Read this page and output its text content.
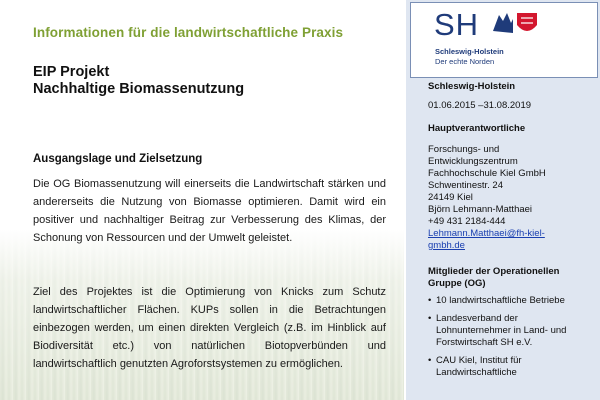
Informationen für die landwirtschaftliche Praxis
EIP Projekt
Nachhaltige Biomassenutzung
Ausgangslage und Zielsetzung
Die OG Biomassenutzung will einerseits die Landwirtschaft stärken und andererseits die Nutzung von Biomasse optimieren. Damit wird ein positiver und nachhaltiger Beitrag zur Verbesserung des Klimas, der Schonung von Ressourcen und der Umwelt geleistet.
Ziel des Projektes ist die Optimierung von Knicks zum Schutz landwirtschaftlicher Flächen. KUPs sollen in die Betrachtungen einbezogen werden, um einen direkten Vergleich (z.B. im Hinblick auf Biodiversität etc.) von natürlichen Biotopverbünden und landwirtschaftlich genutzten Agroforstsystemen zu ermöglichen.
SH
Schleswig-Holstein
Der echte Norden
Schleswig-Holstein
01.06.2015 –31.08.2019
Hauptverantwortliche
Forschungs- und
Entwicklungszentrum
Fachhochschule Kiel GmbH
Schwentinestr. 24
24149 Kiel
Björn Lehmann-Matthaei
+49 431 2184-444
Lehmann.Matthaei@fh-kiel-
gmbh.de
Mitglieder der Operationellen Gruppe (OG)
• 10 landwirtschaftliche Betriebe
• Landesverband der Lohnunternehmer in Land- und Forstwirtschaft SH e.V.
• CAU Kiel, Institut für Landwirtschaftliche
